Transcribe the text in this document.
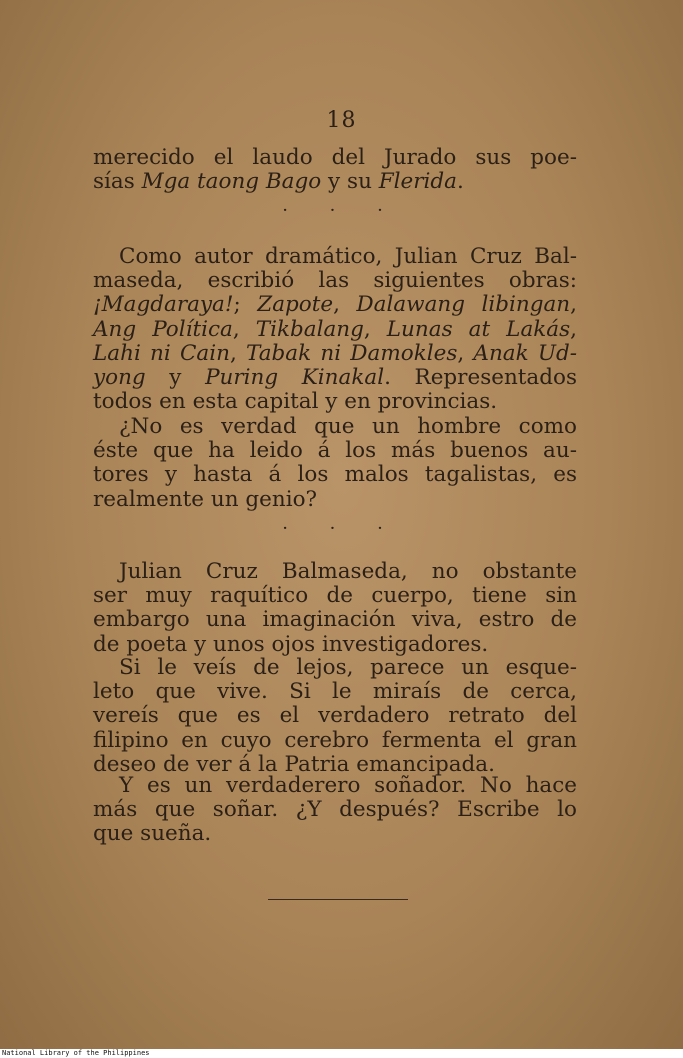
18
merecido el laudo del Jurado sus poe-
sías Mga taong Bago y su Flerida.
· · ·
Como autor dramático, Julian Cruz Bal-
maseda, escribió las siguientes obras:
¡Magdaraya!; Zapote, Dalawang libingan,
Ang Política, Tikbalang, Lunas at Lakás,
Lahi ni Cain, Tabak ni Damokles, Anak Ud-
yong y Puring Kinakal. Representados
todos en esta capital y en provincias.
¿No es verdad que un hombre como
éste que ha leido á los más buenos au-
tores y hasta á los malos tagalistas, es
realmente un genio?
· · ·
Julian Cruz Balmaseda, no obstante
ser muy raquítico de cuerpo, tiene sin
embargo una imaginación viva, estro de
de poeta y unos ojos investigadores.
Si le veís de lejos, parece un esque-
leto que vive. Si le miraís de cerca,
vereís que es el verdadero retrato del
filipino en cuyo cerebro fermenta el gran
deseo de ver á la Patria emancipada.
Y es un verdaderero soñador. No hace
más que soñar. ¿Y después? Escribe lo
que sueña.
National Library of the Philippines
